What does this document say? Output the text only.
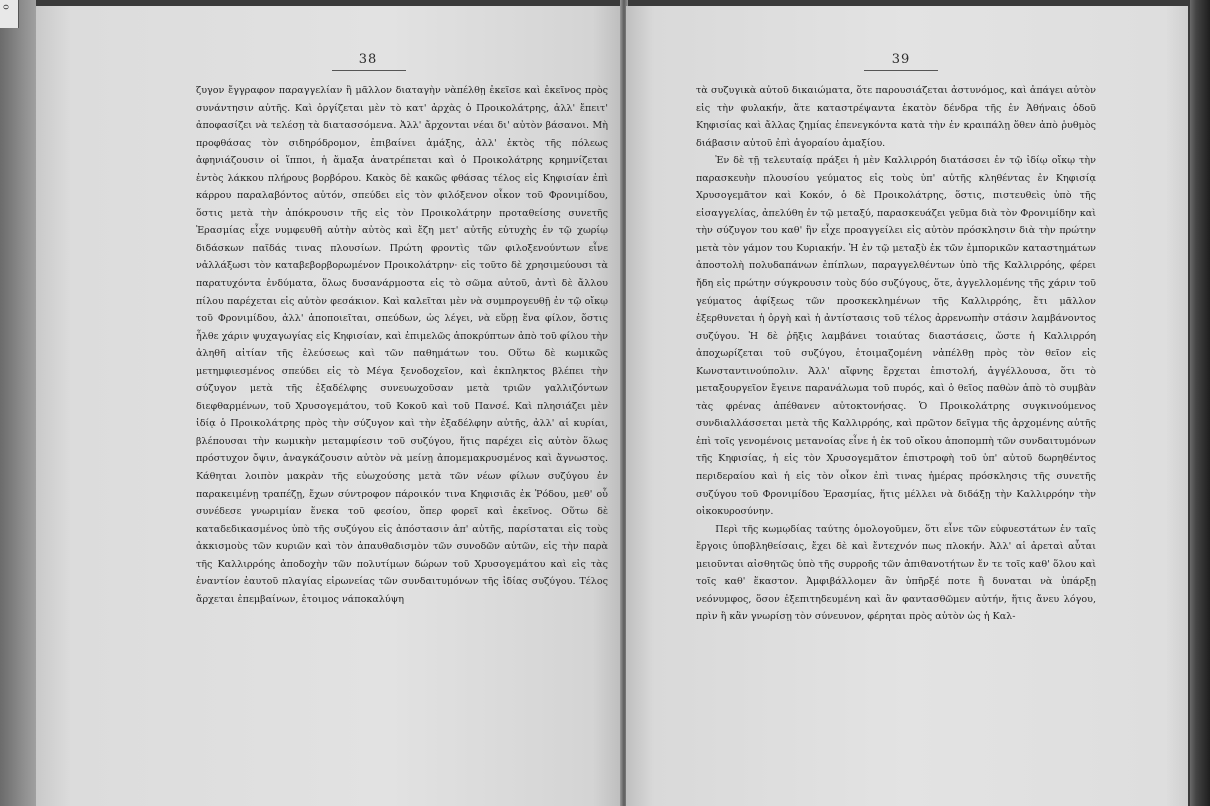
o
38

ζυγον ἔγγραφον παραγγελίαν ἢ μᾶλλον διαταγὴν νὰπέλθῃ ἐκεῖσε καὶ ἐκεῖνος πρὸς συνάντησιν αὐτῆς. Καὶ ὀργίζεται μὲν τὸ κατ' ἀρχὰς ὁ Προικολάτρης, ἀλλ' ἔπειτ' ἀποφασίζει νὰ τελέσῃ τὰ διατασσόμενα. Ἀλλ' ἄρχονται νέαι δι' αὐτὸν βάσανοι. Μὴ προφθάσας τὸν σιδηρόδρομον, ἐπιβαίνει ἁμάξης, ἀλλ' ἐκτὸς τῆς πόλεως ἀφηνιάζουσιν οἱ ἵπποι, ἡ ἅμαξα ἀνατρέπεται καὶ ὁ Προικολάτρης κρημνίζεται ἐντὸς λάκκου πλήρους βορβόρου. Κακὸς δὲ κακῶς φθάσας τέλος εἰς Κηφισίαν ἐπὶ κάρρου παραλαβόντος αὐτόν, σπεύδει εἰς τὸν φιλόξενον οἶκον τοῦ Φρονιμίδου, ὅστις μετὰ τὴν ἀπόκρουσιν τῆς εἰς τὸν Προικολάτρην προταθείσης συνετῆς Ἐρασμίας εἶχε νυμφευθῆ αὐτὴν αὐτὸς καὶ ἔζη μετ' αὐτῆς εὐτυχὴς ἐν τῷ χωρίῳ διδάσκων παῖδάς τινας πλουσίων. Πρώτη φροντὶς τῶν φιλοξενούντων εἶνε νἀλλάξωσι τὸν καταβεβορβορωμένον Προικολάτρην· εἰς τοῦτο δὲ χρησιμεύουσι τὰ παρατυχόντα ἐνδύματα, ὅλως δυσανάρμοστα εἰς τὸ σῶμα αὐτοῦ, ἀντὶ δὲ ἄλλου πίλου παρέχεται εἰς αὐτὸν φεσάκιον. Καὶ καλεῖται μὲν νὰ συμπρογευθῇ ἐν τῷ οἴκῳ τοῦ Φρονιμίδου, ἀλλ' ἀποποιεῖται, σπεύδων, ὡς λέγει, νὰ εὕρῃ ἕνα φίλον, ὅστις ἦλθε χάριν ψυχαγωγίας εἰς Κηφισίαν, καὶ ἐπιμελῶς ἀποκρύπτων ἀπὸ τοῦ φίλου τὴν ἀληθῆ αἰτίαν τῆς ἐλεύσεως καὶ τῶν παθημάτων του. Οὕτω δὲ κωμικῶς μετημφιεσμένος σπεύδει εἰς τὸ Μέγα ξενοδοχεῖον, καὶ ἐκπληκτος βλέπει τὴν σύζυγον μετὰ τῆς ἐξαδέλφης συνευωχοῦσαν μετὰ τριῶν γαλλιζόντων διεφθαρμένων, τοῦ Χρυσογεμάτου, τοῦ Κοκοῦ καὶ τοῦ Πανσέ. Καὶ πλησιάζει μὲν ἰδίᾳ ὁ Προικολάτρης πρὸς τὴν σύζυγον καὶ τὴν ἐξαδέλφην αὐτῆς, ἀλλ' αἱ κυρίαι, βλέπουσαι τὴν κωμικὴν μεταμφίεσιν τοῦ συζύγου, ἥτις παρέχει εἰς αὐτὸν ὅλως πρόστυχον ὄψιν, ἀναγκάζουσιν αὐτὸν νὰ μείνῃ ἀπομεμακρυσμένος καὶ ἄγνωστος. Κάθηται λοιπὸν μακρὰν τῆς εὐωχούσης μετὰ τῶν νέων φίλων συζύγου ἐν παρακειμένῃ τραπέζῃ, ἔχων σύντροφον πάροικόν τινα Κηφισιᾶς ἐκ Ῥόδου, μεθ' οὗ συνέδεσε γνωριμίαν ἕνεκα τοῦ φεσίου, ὅπερ φορεῖ καὶ ἐκεῖνος. Οὕτω δὲ καταδεδικασμένος ὑπὸ τῆς συζύγου εἰς ἀπόστασιν ἀπ' αὐτῆς, παρίσταται εἰς τοὺς ἀκκισμοὺς τῶν κυριῶν καὶ τὸν ἀπαυθαδισμὸν τῶν συνοδῶν αὐτῶν, εἰς τὴν παρὰ τῆς Καλλιρρόης ἀποδοχὴν τῶν πολυτίμων δώρων τοῦ Χρυσογεμάτου καὶ εἰς τὰς ἐναντίον ἑαυτοῦ πλαγίας εἰρωνείας τῶν συνδαιτυμόνων τῆς ἰδίας συζύγου. Τέλος ἄρχεται ἐπεμβαίνων, ἑτοιμος νάποκαλύψη

39

τὰ συζυγικὰ αὐτοῦ δικαιώματα, ὅτε παρουσιάζεται ἀστυνόμος, καὶ ἀπάγει αὐτὸν εἰς τὴν φυλακήν, ἅτε καταστρέψαντα ἑκατὸν δένδρα τῆς ἐν Ἀθήναις ὁδοῦ Κηφισίας καὶ ἄλλας ζημίας ἐπενεγκόντα κατὰ τὴν ἐν κραιπάλῃ ὅθεν ἀπὸ ῥυθμὸς διάβασιν αὐτοῦ ἐπὶ ἀγοραίου ἁμαξίου.

Ἐν δὲ τῇ τελευταίᾳ πράξει ἡ μὲν Καλλιρρόη διατάσσει ἐν τῷ ἰδίῳ οἴκῳ τὴν παρασκευὴν πλουσίου γεύματος εἰς τοὺς ὑπ' αὐτῆς κληθέντας ἐν Κηφισίᾳ Χρυσογεμᾶτον καὶ Κοκόν, ὁ δὲ Προικολάτρης, ὅστις, πιστευθεὶς ὑπὸ τῆς εἰσαγγελίας, ἀπελύθη ἐν τῷ μεταξύ, παρασκευάζει γεῦμα διὰ τὸν Φρονιμίδην καὶ τὴν σύζυγον του καθ' ἣν εἶχε προαγγείλει εἰς αὐτὸν πρόσκλησιν διὰ τὴν πρώτην μετὰ τὸν γάμον του Κυριακήν. Ἡ ἐν τῷ μεταξὺ ἐκ τῶν ἐμπορικῶν καταστημάτων ἀποστολὴ πολυδαπάνων ἐπίπλων, παραγγελθέντων ὑπὸ τῆς Καλλιρρόης, φέρει ἤδη εἰς πρώτην σύγκρουσιν τοὺς δύο συζύγους, ὅτε, ἀγγελλομένης τῆς χάριν τοῦ γεύματος ἀφίξεως τῶν προσκεκλημένων τῆς Καλλιρρόης, ἔτι μᾶλλον ἐξερθυνεται ἡ ὀργὴ καὶ ἡ ἀντίστασις τοῦ τέλος ἀρρενωπὴν στάσιν λαμβάνοντος συζύγου. Ἡ δὲ ῥῆξις λαμβάνει τοιαύτας διαστάσεις, ὥστε ἡ Καλλιρρόη ἀποχωρίζεται τοῦ συζύγου, ἑτοιμαζομένη νἀπέλθῃ πρὸς τὸν θεῖον εἰς Κωνσταντινούπολιν. Ἀλλ' αἴφνης ἔρχεται ἐπιστολή, ἀγγέλλουσα, ὅτι τὸ μεταξουργεῖον ἔγεινε παρανάλωμα τοῦ πυρός, καὶ ὁ θεῖος παθὼν ἀπὸ τὸ συμβὰν τὰς φρένας ἀπέθανεν αὐτοκτονήσας. Ὁ Προικολάτρης συγκινούμενος συνδιαλλάσσεται μετὰ τῆς Καλλιρρόης, καὶ πρῶτον δεῖγμα τῆς ἀρχομένης αὐτῆς ἐπὶ τοῖς γενομένοις μετανοίας εἶνε ἡ ἐκ τοῦ οἴκου ἀποπομπὴ τῶν συνδαιτυμόνων τῆς Κηφισίας, ἡ εἰς τὸν Χρυσογεμᾶτον ἐπιστροφὴ τοῦ ὑπ' αὐτοῦ δωρηθέντος περιδεραίου καὶ ἡ εἰς τὸν οἶκον ἐπὶ τινας ἡμέρας πρόσκλησις τῆς συνετῆς συζύγου τοῦ Φρονιμίδου Ἐρασμίας, ἥτις μέλλει νὰ διδάξῃ τὴν Καλλιρρόην τὴν οἰκοκυροσύνην.

Περὶ τῆς κωμῳδίας ταύτης ὁμολογοῦμεν, ὅτι εἶνε τῶν εὐφυεστάτων ἐν ταῖς ἔργοις ὑποβληθείσαις, ἔχει δὲ καὶ ἔντεχνόν πως πλοκήν. Ἀλλ' αἱ ἀρεταὶ αὗται μειοῦνται αἰσθητῶς ὑπὸ τῆς συρροῆς τῶν ἀπιθανοτήτων ἔν τε τοῖς καθ' ὅλου καὶ τοῖς καθ' ἕκαστον. Ἀμφιβάλλομεν ἂν ὑπῆρξέ ποτε ἢ δυναται νὰ ὑπάρξῃ νεόνυμφος, ὅσον ἐξεπιτηδευμένη καὶ ἂν φαντασθῶμεν αὐτήν, ἥτις ἄνευ λόγου, πρὶν ἢ κἂν γνωρίσῃ τὸν σύνευνον, φέρηται πρὸς αὐτὸν ὡς ἡ Καλ-
